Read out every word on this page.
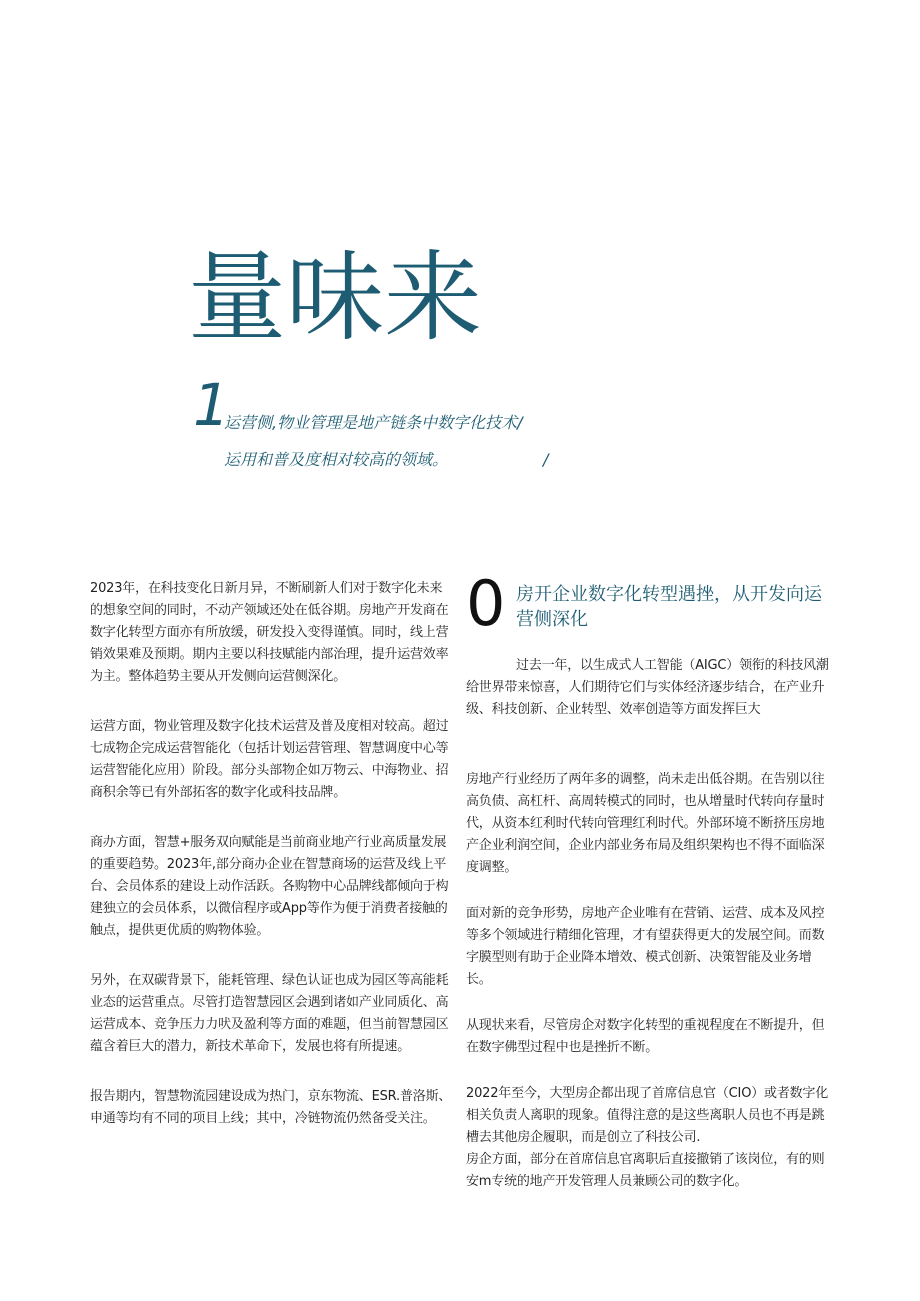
量味来
1
运营侧,物业管理是地产链条中数字化技术/
运用和普及度相对较高的领域。	/

2023年，在科技变化日新月异，不断刷新人们对于数字化未来的想象空间的同时，不动产领域还处在低谷期。房地产开发商在数字化转型方面亦有所放缓，研发投入变得谨慎。同时，线上营销效果难及预期。期内主要以科技赋能内部治理，提升运营效率为主。整体趋势主要从开发侧向运营侧深化。

运营方面，物业管理及数字化技术运营及普及度相对较高。超过七成物企完成运营智能化（包括计划运营管理、智慧调度中心等运营智能化应用）阶段。部分头部物企如万物云、中海物业、招商积余等已有外部拓客的数字化或科技品牌。

商办方面，智慧+服务双向赋能是当前商业地产行业高质量发展的重要趋势。2023年,部分商办企业在智慧商场的运营及线上平台、会员体系的建设上动作活跃。各购物中心品牌线都倾向于构建独立的会员体系，以微信程序或App等作为便于消费者接触的触点，提供更优质的购物体验。

另外，在双碳背景下，能耗管理、绿色认证也成为园区等高能耗业态的运营重点。尽管打造智慧园区会遇到诸如产业同质化、高运营成本、竞争压力力吠及盈利等方面的难题，但当前智慧园区蕴含着巨大的潜力，新技术革命下，发展也将有所提速。

报告期内，智慧物流园建设成为热门，京东物流、ESR.普洛斯、申通等均有不同的项目上线；其中，冷链物流仍然备受关注。

0 房开企业数字化转型遇挫，从开发向运营侧深化

过去一年，以生成式人工智能（AIGC）领衔的科技风潮给世界带来惊喜，人们期待它们与实体经济逐步结合，在产业升级、科技创新、企业转型、效率创造等方面发挥巨大

房地产行业经历了两年多的调整，尚未走出低谷期。在告别以往高负债、高杠杆、高周转模式的同时，也从增量时代转向存量时代，从资本红利时代转向管理红利时代。外部环境不断挤压房地产企业利润空间，企业内部业务布局及组织架构也不得不面临深度调整。

面对新的竞争形势，房地产企业唯有在营销、运营、成本及风控等多个领域进行精细化管理，才有望获得更大的发展空间。而数字膜型则有助于企业降本增效、模式创新、决策智能及业务增长。

从现状来看，尽管房企对数字化转型的重视程度在不断提升，但在数字佛型过程中也是挫折不断。

2022年至今，大型房企都出现了首席信息官（CIO）或者数字化相关负责人离职的现象。值得注意的是这些离职人员也不再是跳槽去其他房企履职，而是创立了科技公司.

房企方面，部分在首席信息官离职后直接撤销了该岗位，有的则安m专统的地产开发管理人员兼顾公司的数字化。
